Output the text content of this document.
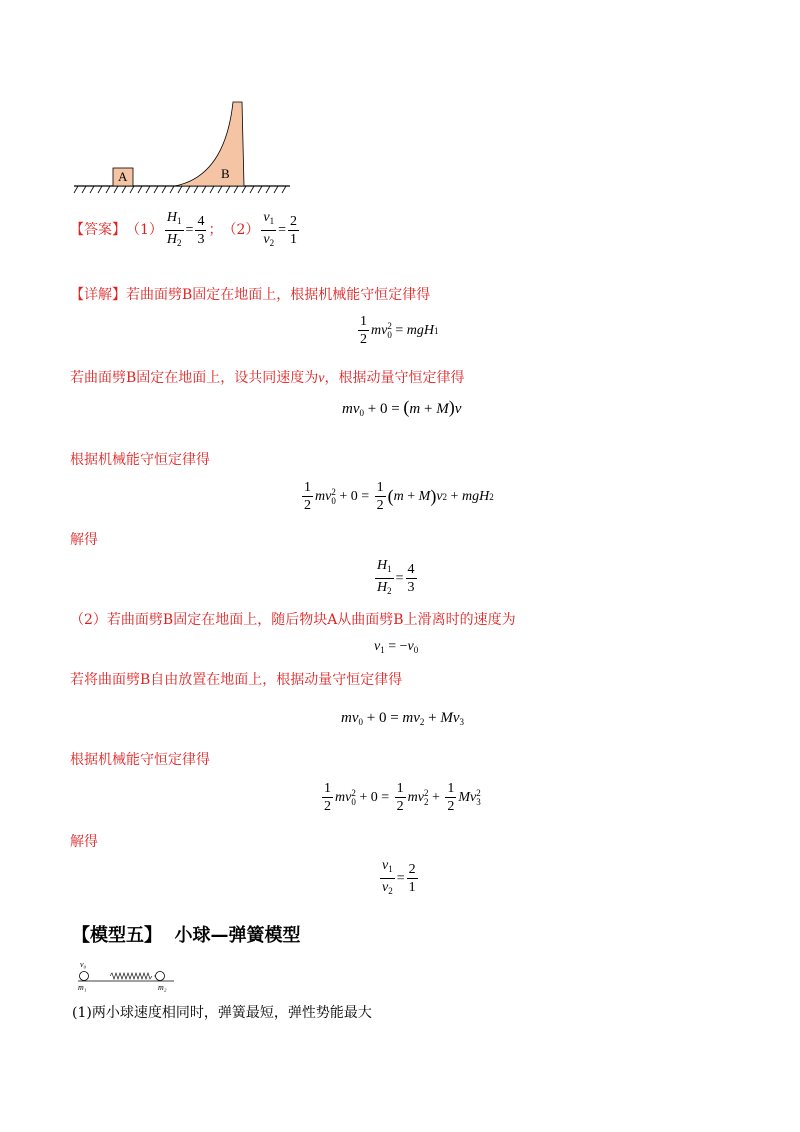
A	B
【答案】 $(1) \frac{H_1}{H_2} = \frac{4}{3}$ ； $(2) \frac{v_1}{v_2} = \frac{2}{1}$
【详解】若曲面劈B固定在地面上，根据机械能守恒定律得
$\frac{1}{2}$ mv 2
0 = mgH 1
若曲面劈B固定在地面上，设共同速度为v，根据动量守恒定律得
$mv_0 + 0 = (m + M)v$
根据机械能守恒定律得
$\frac{1}{2}$ mv 2
$0 + 0 = \frac{1}{2}$ ( m + M ) v 2 + mgH 2
解得
$\frac{H_1}{H_2} = \frac{4}{3}$
（2）若曲面劈B固定在地面上，随后物块A从曲面劈B上滑离时的速度为
$v_1 = -v_0$
若将曲面劈B自由放置在地面上，根据动量守恒定律得
$mv_0 + 0 = mv_2 + Mv_3$
根据机械能守恒定律得
$\frac{1}{2}$ mv 2
$0 + 0 = \frac{1}{2}$ mv 2
$2 + \frac{1}{2}$ Mv 2
3
解得
$\frac{v_1}{v_2} = \frac{2}{1}$
【模型五】  小球—弹簧模型
v₀
m₁	m₂
(1)两小球速度相同时，弹簧最短，弹性势能最大
